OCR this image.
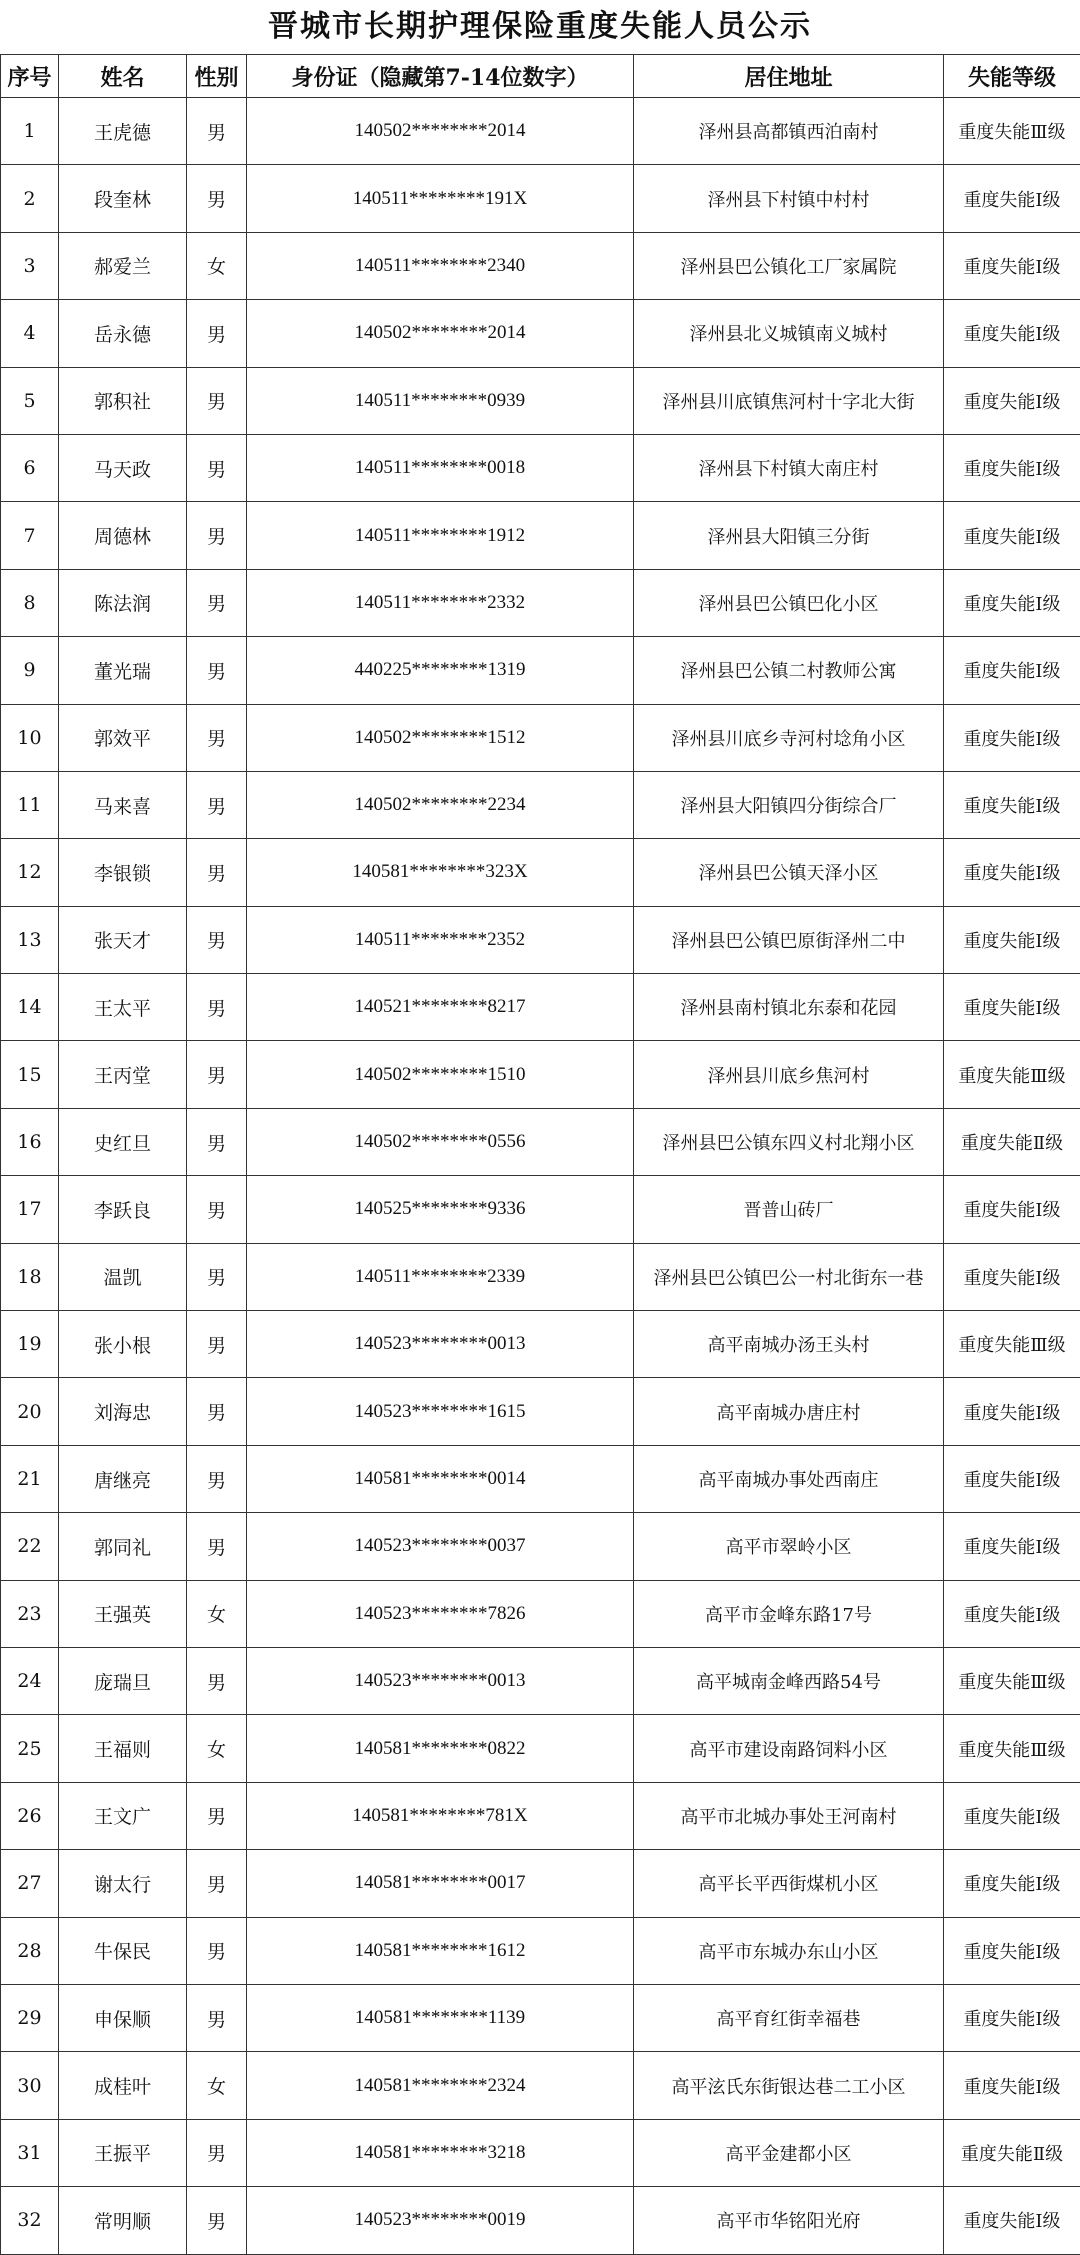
晋城市长期护理保险重度失能人员公示
序号	姓名	性别	身份证（隐藏第7-14位数字）	居住地址	失能等级
1	王虎德	男	140502********2014	泽州县高都镇西泊南村	重度失能Ⅲ级
2	段奎林	男	140511********191X	泽州县下村镇中村村	重度失能Ⅰ级
3	郝爱兰	女	140511********2340	泽州县巴公镇化工厂家属院	重度失能Ⅰ级
4	岳永德	男	140502********2014	泽州县北义城镇南义城村	重度失能Ⅰ级
5	郭积社	男	140511********0939	泽州县川底镇焦河村十字北大街	重度失能Ⅰ级
6	马天政	男	140511********0018	泽州县下村镇大南庄村	重度失能Ⅰ级
7	周德林	男	140511********1912	泽州县大阳镇三分街	重度失能Ⅰ级
8	陈法润	男	140511********2332	泽州县巴公镇巴化小区	重度失能Ⅰ级
9	董光瑞	男	440225********1319	泽州县巴公镇二村教师公寓	重度失能Ⅰ级
10	郭效平	男	140502********1512	泽州县川底乡寺河村埝角小区	重度失能Ⅰ级
11	马来喜	男	140502********2234	泽州县大阳镇四分街综合厂	重度失能Ⅰ级
12	李银锁	男	140581********323X	泽州县巴公镇天泽小区	重度失能Ⅰ级
13	张天才	男	140511********2352	泽州县巴公镇巴原街泽州二中	重度失能Ⅰ级
14	王太平	男	140521********8217	泽州县南村镇北东泰和花园	重度失能Ⅰ级
15	王丙堂	男	140502********1510	泽州县川底乡焦河村	重度失能Ⅲ级
16	史红旦	男	140502********0556	泽州县巴公镇东四义村北翔小区	重度失能Ⅱ级
17	李跃良	男	140525********9336	晋普山砖厂	重度失能Ⅰ级
18	温凯	男	140511********2339	泽州县巴公镇巴公一村北街东一巷	重度失能Ⅰ级
19	张小根	男	140523********0013	高平南城办汤王头村	重度失能Ⅲ级
20	刘海忠	男	140523********1615	高平南城办唐庄村	重度失能Ⅰ级
21	唐继亮	男	140581********0014	高平南城办事处西南庄	重度失能Ⅰ级
22	郭同礼	男	140523********0037	高平市翠岭小区	重度失能Ⅰ级
23	王强英	女	140523********7826	高平市金峰东路17号	重度失能Ⅰ级
24	庞瑞旦	男	140523********0013	高平城南金峰西路54号	重度失能Ⅲ级
25	王福则	女	140581********0822	高平市建设南路饲料小区	重度失能Ⅲ级
26	王文广	男	140581********781X	高平市北城办事处王河南村	重度失能Ⅰ级
27	谢太行	男	140581********0017	高平长平西街煤机小区	重度失能Ⅰ级
28	牛保民	男	140581********1612	高平市东城办东山小区	重度失能Ⅰ级
29	申保顺	男	140581********1139	高平育红街幸福巷	重度失能Ⅰ级
30	成桂叶	女	140581********2324	高平泫氏东街银达巷二工小区	重度失能Ⅰ级
31	王振平	男	140581********3218	高平金建都小区	重度失能Ⅱ级
32	常明顺	男	140523********0019	高平市华铭阳光府	重度失能Ⅰ级
